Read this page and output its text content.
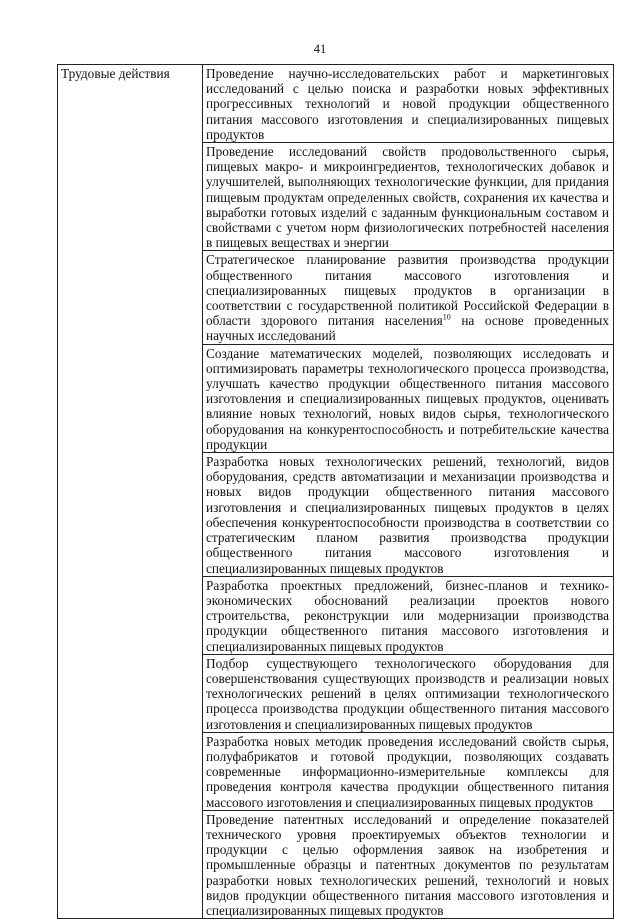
41
Трудовые действия	Проведение научно-исследовательских работ и маркетинговых исследований с целью поиска и разработки новых эффективных прогрессивных технологий и новой продукции общественного питания массового изготовления и специализированных пищевых продуктов
Проведение исследований свойств продовольственного сырья, пищевых макро- и микроингредиентов, технологических добавок и улучшителей, выполняющих технологические функции, для придания пищевым продуктам определенных свойств, сохранения их качества и выработки готовых изделий с заданным функциональным составом и свойствами с учетом норм физиологических потребностей населения в пищевых веществах и энергии
Стратегическое планирование развития производства продукции общественного питания массового изготовления и специализированных пищевых продуктов в организации в соответствии с государственной политикой Российской Федерации в области здорового питания населения$^{10}$ на основе проведенных научных исследований
Создание математических моделей, позволяющих исследовать и оптимизировать параметры технологического процесса производства, улучшать качество продукции общественного питания массового изготовления и специализированных пищевых продуктов, оценивать влияние новых технологий, новых видов сырья, технологического оборудования на конкурентоспособность и потребительские качества продукции
Разработка новых технологических решений, технологий, видов оборудования, средств автоматизации и механизации производства и новых видов продукции общественного питания массового изготовления и специализированных пищевых продуктов в целях обеспечения конкурентоспособности производства в соответствии со стратегическим планом развития производства продукции общественного питания массового изготовления и специализированных пищевых продуктов
Разработка проектных предложений, бизнес-планов и технико-экономических обоснований реализации проектов нового строительства, реконструкции или модернизации производства продукции общественного питания массового изготовления и специализированных пищевых продуктов
Подбор существующего технологического оборудования для совершенствования существующих производств и реализации новых технологических решений в целях оптимизации технологического процесса производства продукции общественного питания массового изготовления и специализированных пищевых продуктов
Разработка новых методик проведения исследований свойств сырья, полуфабрикатов и готовой продукции, позволяющих создавать современные информационно-измерительные комплексы для проведения контроля качества продукции общественного питания массового изготовления и специализированных пищевых продуктов
Проведение патентных исследований и определение показателей технического уровня проектируемых объектов технологии и продукции с целью оформления заявок на изобретения и промышленные образцы и патентных документов по результатам разработки новых технологических решений, технологий и новых видов продукции общественного питания массового изготовления и специализированных пищевых продуктов
